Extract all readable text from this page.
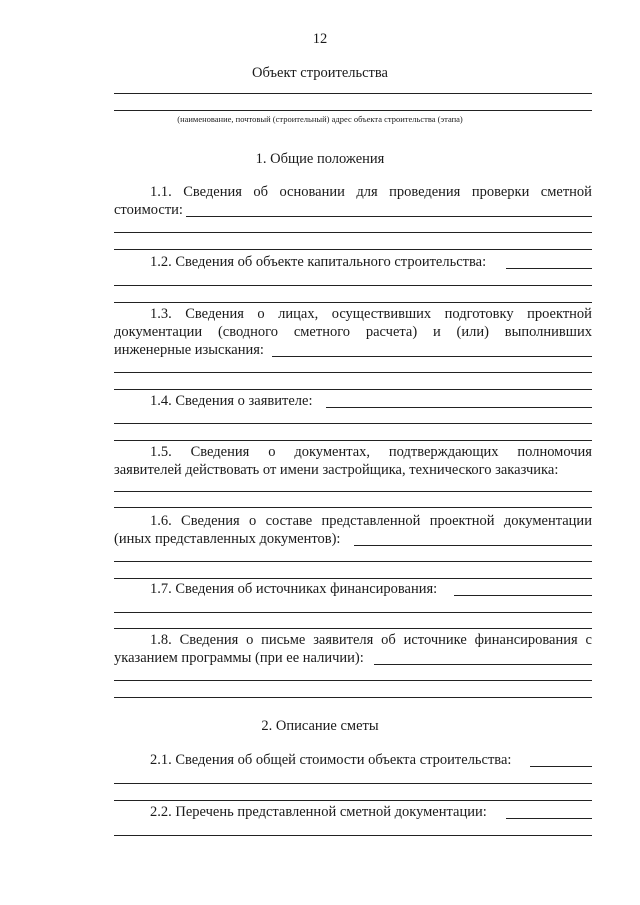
12
Объект строительства
(наименование, почтовый (строительный) адрес объекта строительства (этапа)
1. Общие положения
1.1. Сведения об основании для проведения проверки сметной
стоимости:
1.2. Сведения об объекте капитального строительства:
1.3. Сведения о лицах, осуществивших подготовку проектной
документации (сводного сметного расчета) и (или) выполнивших
инженерные изыскания:
1.4. Сведения о заявителе:
1.5. Сведения о документах, подтверждающих полномочия
заявителей действовать от имени застройщика, технического заказчика:
1.6. Сведения о составе представленной проектной документации
(иных представленных документов):
1.7. Сведения об источниках финансирования:
1.8. Сведения о письме заявителя об источнике финансирования с
указанием программы (при ее наличии):
2. Описание сметы
2.1. Сведения об общей стоимости объекта строительства:
2.2. Перечень представленной сметной документации:
